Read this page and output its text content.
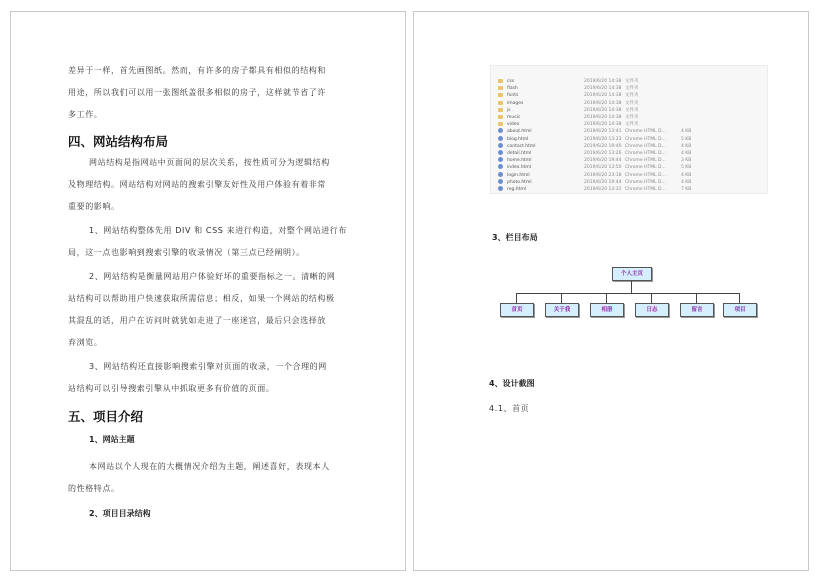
差异于一样，首先画图纸。然而，有许多的房子都具有相似的结构和
用途，所以我们可以用一张图纸盖很多相似的房子，这样就节省了许
多工作。
四、网站结构布局
网站结构是指网站中页面间的层次关系，按性质可分为逻辑结构
及物理结构。网站结构对网站的搜索引擎友好性及用户体验有着非常
重要的影响。
1、网站结构整体先用 DIV 和 CSS 来进行构造，对整个网站进行布
局，这一点也影响到搜索引擎的收录情况（第三点已经阐明）。
2、网站结构是衡量网站用户体验好坏的重要指标之一。清晰的网
站结构可以帮助用户快速获取所需信息；相反，如果一个网站的结构极
其混乱的话，用户在访问时就犹如走进了一座迷宫，最后只会选择放
弃浏览。
3、网站结构还直接影响搜索引擎对页面的收录，一个合理的网
站结构可以引导搜索引擎从中抓取更多有价值的页面。
五、项目介绍
1、网站主题
本网站以个人现在的大概情况介绍为主题，阐述喜好，表现本人
的性格特点。
2、项目目录结构
css	2019/6/20 14:38 文件夹
flash	2019/6/20 14:38 文件夹
fonts	2019/6/20 14:38 文件夹
images	2019/6/20 14:38 文件夹
js	2019/6/20 14:38 文件夹
music	2019/6/20 14:38 文件夹
video	2019/6/20 14:38 文件夹
about.html	2019/6/20 13:41 Chrome HTML D...	4 KB
blog.html	2019/6/20 13:23 Chrome HTML D...	5 KB
contact.html	2019/6/20 19:40 Chrome HTML D...	4 KB
detail.html	2019/6/20 13:26 Chrome HTML D...	4 KB
home.html	2019/6/20 19:44 Chrome HTML D...	3 KB
index.html	2019/6/20 13:50 Chrome HTML D...	5 KB
login.html	2019/6/20 23:18 Chrome HTML D...	4 KB
photo.html	2019/6/20 19:44 Chrome HTML D...	4 KB
reg.html	2019/6/20 13:31 Chrome HTML D...	7 KB
3、栏目布局
个人主页
首页	关于我	相册	日志	留言	项目
4、设计截图
4.1、首页
